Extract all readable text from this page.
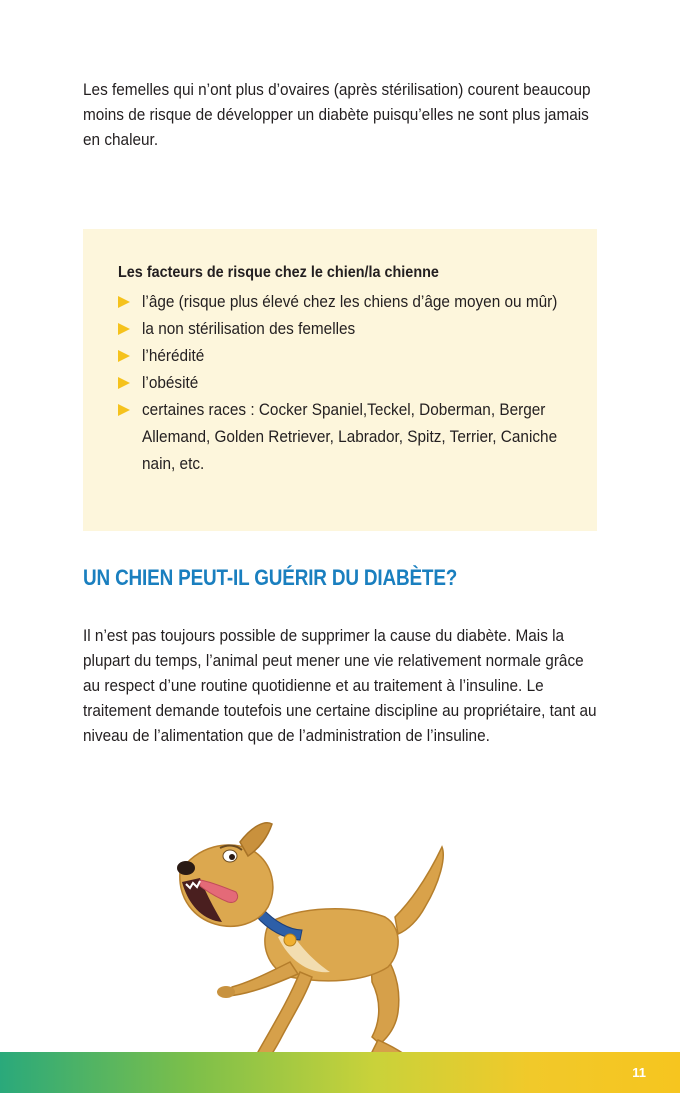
Les femelles qui n’ont plus d’ovaires (après stérilisation) courent beaucoup moins de risque de développer un diabète puisqu’elles ne sont plus jamais en chaleur.

Les facteurs de risque chez le chien/la chienne

l’âge (risque plus élevé chez les chiens d’âge moyen ou mûr)
la non stérilisation des femelles
l’hérédité
l’obésité
certaines races : Cocker Spaniel,Teckel, Doberman, Berger Allemand, Golden Retriever, Labrador, Spitz, Terrier, Caniche nain, etc.
UN CHIEN PEUT-IL GUÉRIR DU DIABÈTE?

Il n’est pas toujours possible de supprimer la cause du diabète. Mais la plupart du temps, l’animal peut mener une vie relativement normale grâce au respect d’une routine quotidienne et au traitement à l’insuline. Le traitement demande toutefois une certaine discipline au propriétaire, tant au niveau de l’alimentation que de l’administration de l’insuline.

11
